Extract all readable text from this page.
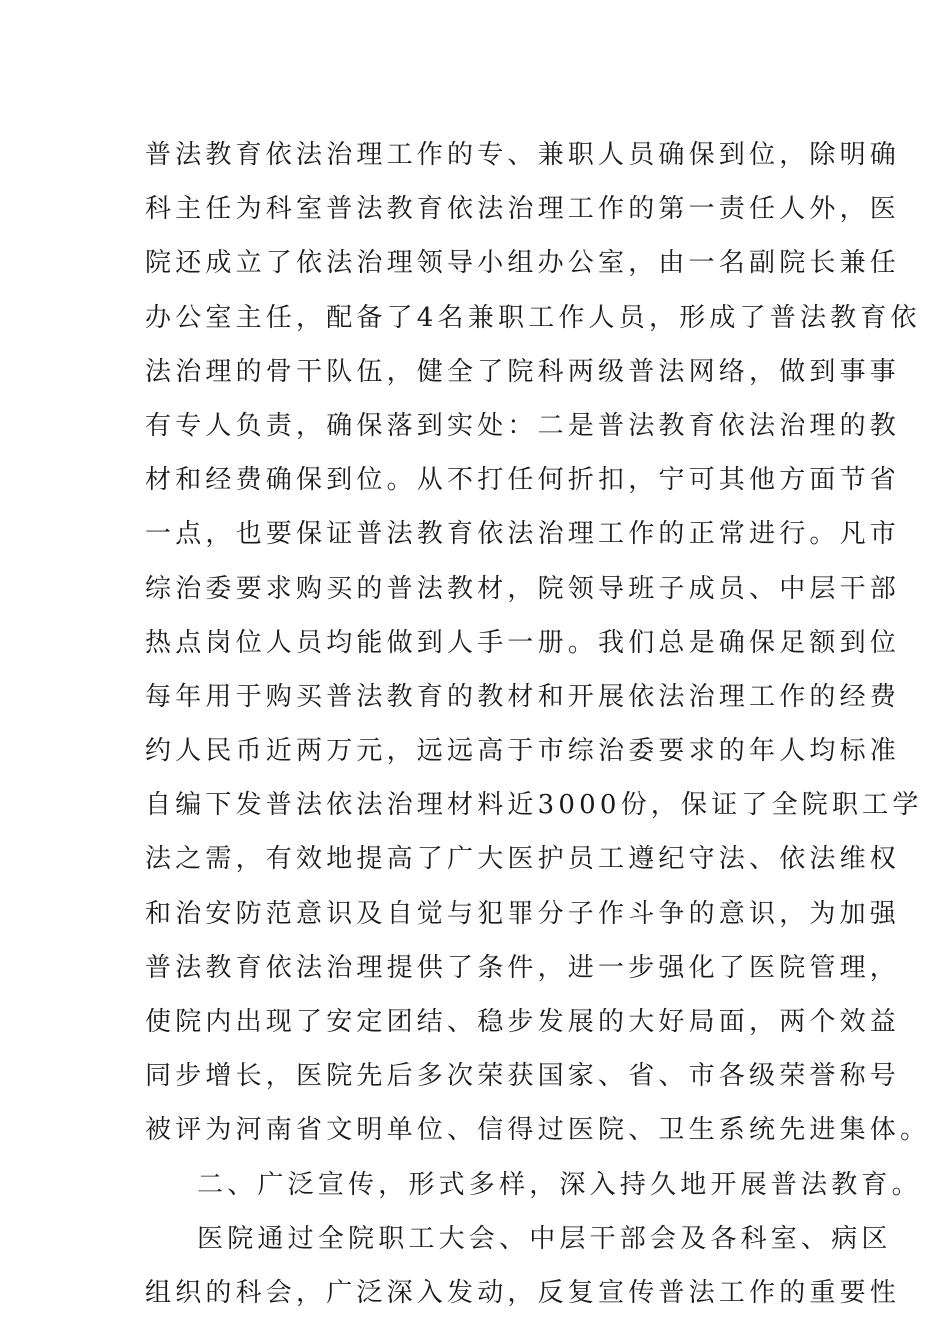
普法教育依法治理工作的专、兼职人员确保到位，除明确
科主任为科室普法教育依法治理工作的第一责任人外，医
院还成立了依法治理领导小组办公室，由一名副院长兼任
办公室主任，配备了4名兼职工作人员，形成了普法教育依
法治理的骨干队伍，健全了院科两级普法网络，做到事事
有专人负责，确保落到实处：二是普法教育依法治理的教
材和经费确保到位。从不打任何折扣，宁可其他方面节省
一点，也要保证普法教育依法治理工作的正常进行。凡市
综治委要求购买的普法教材，院领导班子成员、中层干部
热点岗位人员均能做到人手一册。我们总是确保足额到位
每年用于购买普法教育的教材和开展依法治理工作的经费
约人民币近两万元，远远高于市综治委要求的年人均标准
自编下发普法依法治理材料近3000份，保证了全院职工学
法之需，有效地提高了广大医护员工遵纪守法、依法维权
和治安防范意识及自觉与犯罪分子作斗争的意识，为加强
普法教育依法治理提供了条件，进一步强化了医院管理，
使院内出现了安定团结、稳步发展的大好局面，两个效益
同步增长，医院先后多次荣获国家、省、市各级荣誉称号
被评为河南省文明单位、信得过医院、卫生系统先进集体。
二、广泛宣传，形式多样，深入持久地开展普法教育。
医院通过全院职工大会、中层干部会及各科室、病区
组织的科会，广泛深入发动，反复宣传普法工作的重要性
